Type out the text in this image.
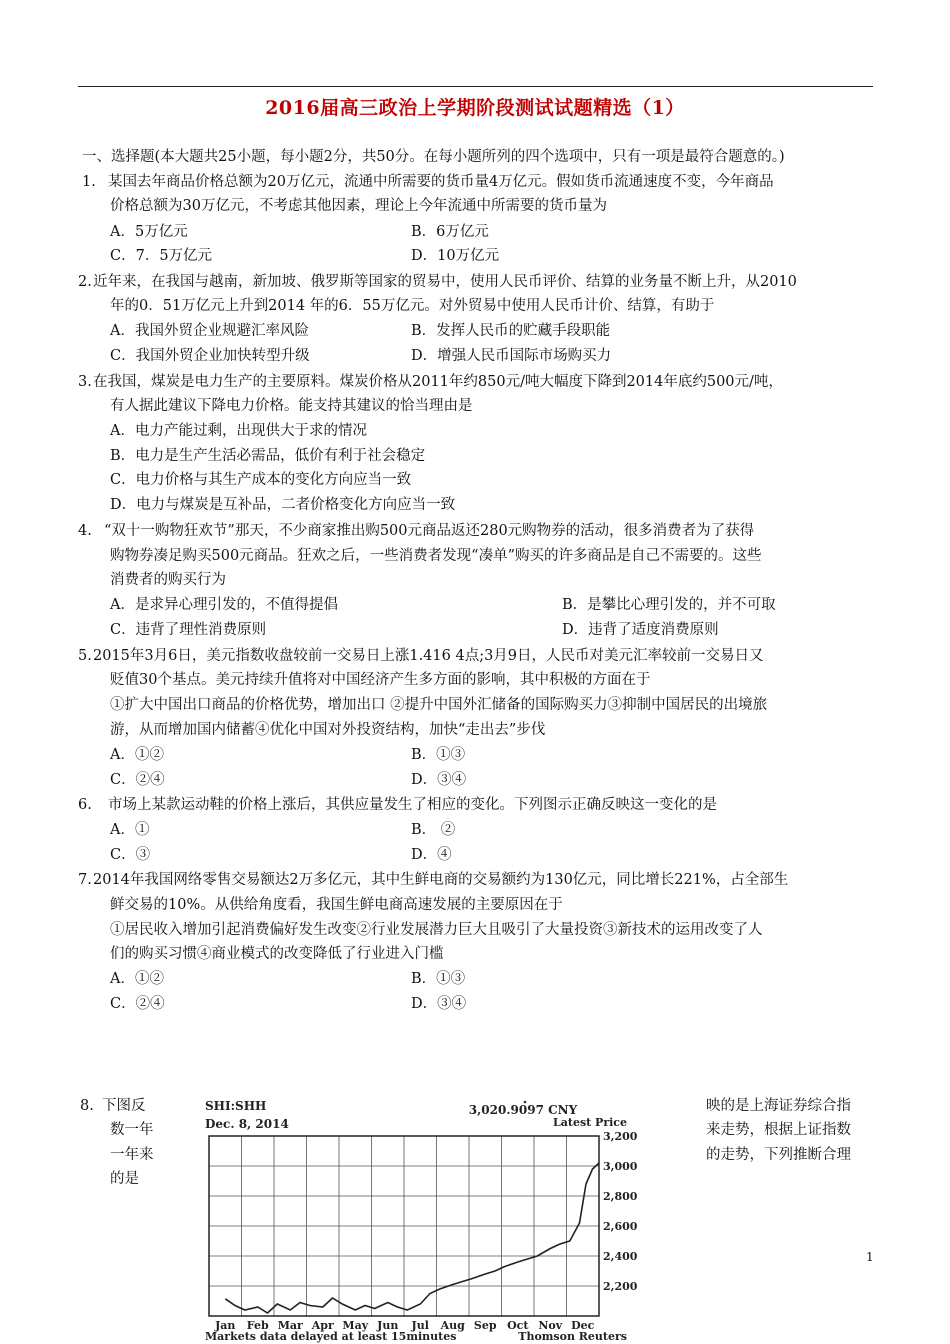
2016届高三政治上学期阶段测试试题精选（1）
一、选择题(本大题共25小题，每小题2分，共50分。在每小题所列的四个选项中，只有一项是最符合题意的。)
1. 某国去年商品价格总额为20万亿元，流通中所需要的货币量4万亿元。假如货币流通速度不变，今年商品
价格总额为30万亿元，不考虑其他因素，理论上今年流通中所需要的货币量为
A．5万亿元	B．6万亿元
C．7．5万亿元	D．10万亿元
2. 近年来，在我国与越南，新加坡、俄罗斯等国家的贸易中，使用人民币评价、结算的业务量不断上升，从2010
年的0．51万亿元上升到2014 年的6．55万亿元。对外贸易中使用人民币计价、结算，有助于
A．我国外贸企业规避汇率风险	B．发挥人民币的贮藏手段职能
C．我国外贸企业加快转型升级	D．增强人民币国际市场购买力
3. 在我国，煤炭是电力生产的主要原料。煤炭价格从2011年约850元/吨大幅度下降到2014年底约500元/吨，
有人据此建议下降电力价格。能支持其建议的恰当理由是
A．电力产能过剩，出现供大于求的情况
B．电力是生产生活必需品，低价有利于社会稳定
C．电力价格与其生产成本的变化方向应当一致
D．电力与煤炭是互补品，二者价格变化方向应当一致
4. “双十一购物狂欢节”那天，不少商家推出购500元商品返还280元购物券的活动，很多消费者为了获得
购物券凑足购买500元商品。狂欢之后，一些消费者发现“凑单”购买的许多商品是自己不需要的。这些
消费者的购买行为
A．是求异心理引发的，不值得提倡	B．是攀比心理引发的，并不可取
C．违背了理性消费原则	D．违背了适度消费原则
5. 2015年3月6日，美元指数收盘较前一交易日上涨1.416 4点;3月9日，人民币对美元汇率较前一交易日又
贬值30个基点。美元持续升值将对中国经济产生多方面的影响，其中积极的方面在于
①扩大中国出口商品的价格优势，增加出口 ②提升中国外汇储备的国际购买力③抑制中国居民的出境旅
游，从而增加国内储蓄④优化中国对外投资结构，加快“走出去”步伐
A．①②	B．①③
C．②④	D．③④
6. 市场上某款运动鞋的价格上涨后，其供应量发生了相应的变化。下列图示正确反映这一变化的是
A．①	B． ②
C．③	D．④
7. 2014年我国网络零售交易额达2万多亿元，其中生鲜电商的交易额约为130亿元，同比增长221%，占全部生
鲜交易的10%。从供给角度看，我国生鲜电商高速发展的主要原因在于
①居民收入增加引起消费偏好发生改变②行业发展潜力巨大且吸引了大量投资③新技术的运用改变了人
们的购买习惯④商业模式的改变降低了行业进入门槛
A．①②	B．①③
C．②④	D．③④
8. 下图反
数一年
一年来
的是
映的是上海证券综合指
来走势，根据上证指数
的走势，下列推断合理
SHI:SHH
Dec. 8, 2014
3,020.9097 CNY
Latest Price
2,200
2,400
2,600
2,800
3,000
3,200
Jan Feb Mar Apr May Jun Jul Aug Sep Oct Nov Dec
Markets data delayed at least 15minutes	Thomson Reuters
1
